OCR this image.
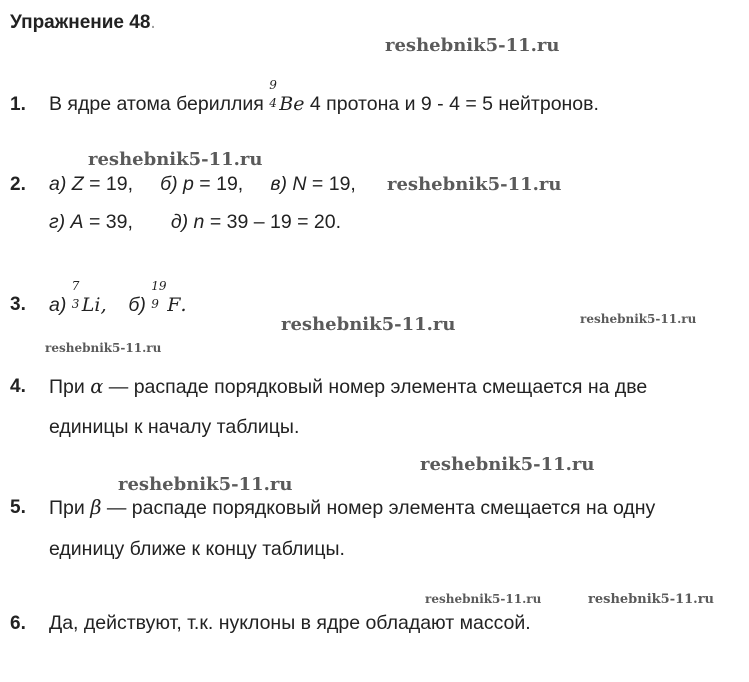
Упражнение 48.
1. В ядре атома бериллия
9
4 Be 4 протона и 9 - 4 = 5 нейтронов.
2. а) Z = 19, б) p = 19, в) N = 19,
г) A = 39, д) n = 39 – 19 = 20.
3. а)
7
3 Li, б)
19
9 F.
4. При α — распаде порядковый номер элемента смещается на две
единицы к началу таблицы.
5. При β — распаде порядковый номер элемента смещается на одну
единицу ближе к концу таблицы.
6. Да, действуют, т.к. нуклоны в ядре обладают массой.
reshebnik5-11.ru
reshebnik5-11.ru
reshebnik5-11.ru
reshebnik5-11.ru	reshebnik5-11.ru
reshebnik5-11.ru
reshebnik5-11.ru
reshebnik5-11.ru
reshebnik5-11.ru	reshebnik5-11.ru
